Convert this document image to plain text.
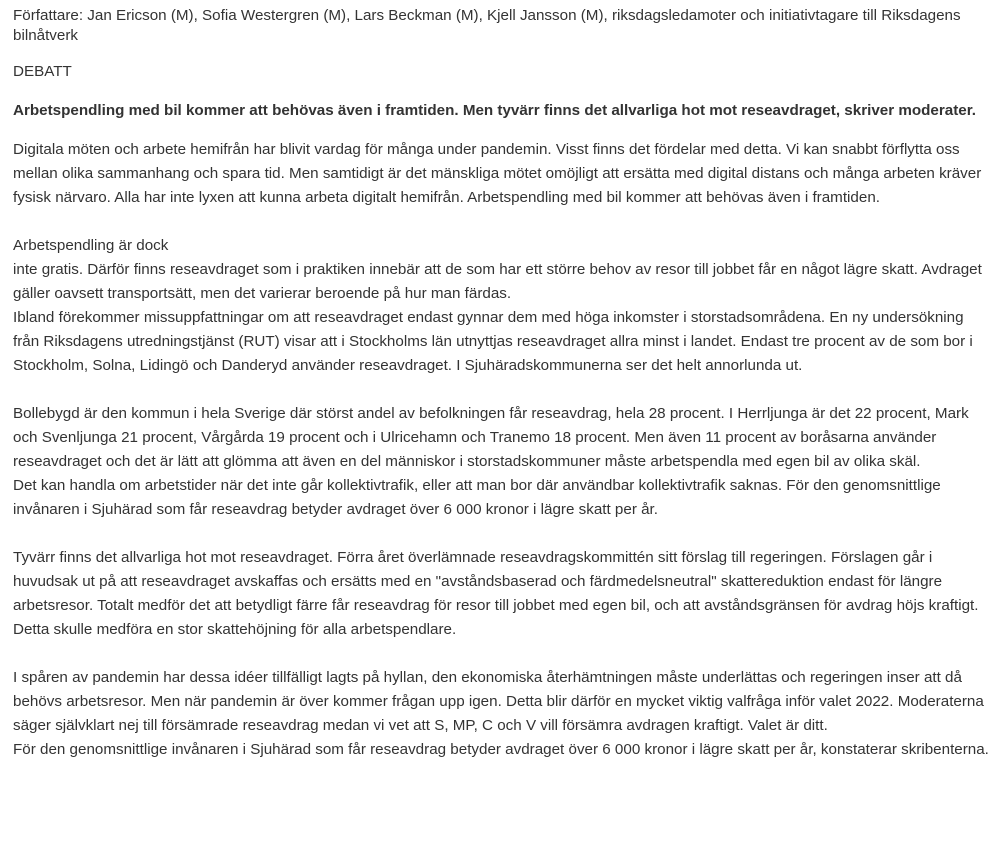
Författare: Jan Ericson (M), Sofia Westergren (M), Lars Beckman (M), Kjell Jansson (M), riksdagsledamoter och initiativtagare till Riksdagens bilnåtverk

DEBATT

Arbetspendling med bil kommer att behövas även i framtiden. Men tyvärr finns det allvarliga hot mot reseavdraget, skriver moderater.

Digitala möten och arbete hemifrån har blivit vardag för många under pandemin. Visst finns det fördelar med detta. Vi kan snabbt förflytta oss mellan olika sammanhang och spara tid. Men samtidigt är det mänskliga mötet omöjligt att ersätta med digital distans och många arbeten kräver fysisk närvaro. Alla har inte lyxen att kunna arbeta digitalt hemifrån. Arbetspendling med bil kommer att behövas även i framtiden.
Arbetspendling är dock
inte gratis. Därför finns reseavdraget som i praktiken innebär att de som har ett större behov av resor till jobbet får en något lägre skatt. Avdraget gäller oavsett transportsätt, men det varierar beroende på hur man färdas.
Ibland förekommer missuppfattningar om att reseavdraget endast gynnar dem med höga inkomster i storstadsområdena. En ny undersökning från Riksdagens utredningstjänst (RUT) visar att i Stockholms län utnyttjas reseavdraget allra minst i landet. Endast tre procent av de som bor i Stockholm, Solna, Lidingö och Danderyd använder reseavdraget. I Sjuhäradskommunerna ser det helt annorlunda ut.
Bollebygd är den kommun i hela Sverige där störst andel av befolkningen får reseavdrag, hela 28 procent. I Herrljunga är det 22 procent, Mark och Svenljunga 21 procent, Vårgårda 19 procent och i Ulricehamn och Tranemo 18 procent. Men även 11 procent av boråsarna använder reseavdraget och det är lätt att glömma att även en del människor i storstadskommuner måste arbetspendla med egen bil av olika skäl.
Det kan handla om arbetstider när det inte går kollektivtrafik, eller att man bor där användbar kollektivtrafik saknas. För den genomsnittlige invånaren i Sjuhärad som får reseavdrag betyder avdraget över 6 000 kronor i lägre skatt per år.
Tyvärr finns det allvarliga hot mot reseavdraget. Förra året överlämnade reseavdragskommittén sitt förslag till regeringen. Förslagen går i huvudsak ut på att reseavdraget avskaffas och ersätts med en "avståndsbaserad och färdmedelsneutral" skattereduktion endast för längre arbetsresor. Totalt medför det att betydligt färre får reseavdrag för resor till jobbet med egen bil, och att avståndsgränsen för avdrag höjs kraftigt. Detta skulle medföra en stor skattehöjning för alla arbetspendlare.
I spåren av pandemin har dessa idéer tillfälligt lagts på hyllan, den ekonomiska återhämtningen måste underlättas och regeringen inser att då behövs arbetsresor. Men när pandemin är över kommer frågan upp igen. Detta blir därför en mycket viktig valfråga inför valet 2022. Moderaterna säger självklart nej till försämrade reseavdrag medan vi vet att S, MP, C och V vill försämra avdragen kraftigt. Valet är ditt.
För den genomsnittlige invånaren i Sjuhärad som får reseavdrag betyder avdraget över 6 000 kronor i lägre skatt per år, konstaterar skribenterna.
